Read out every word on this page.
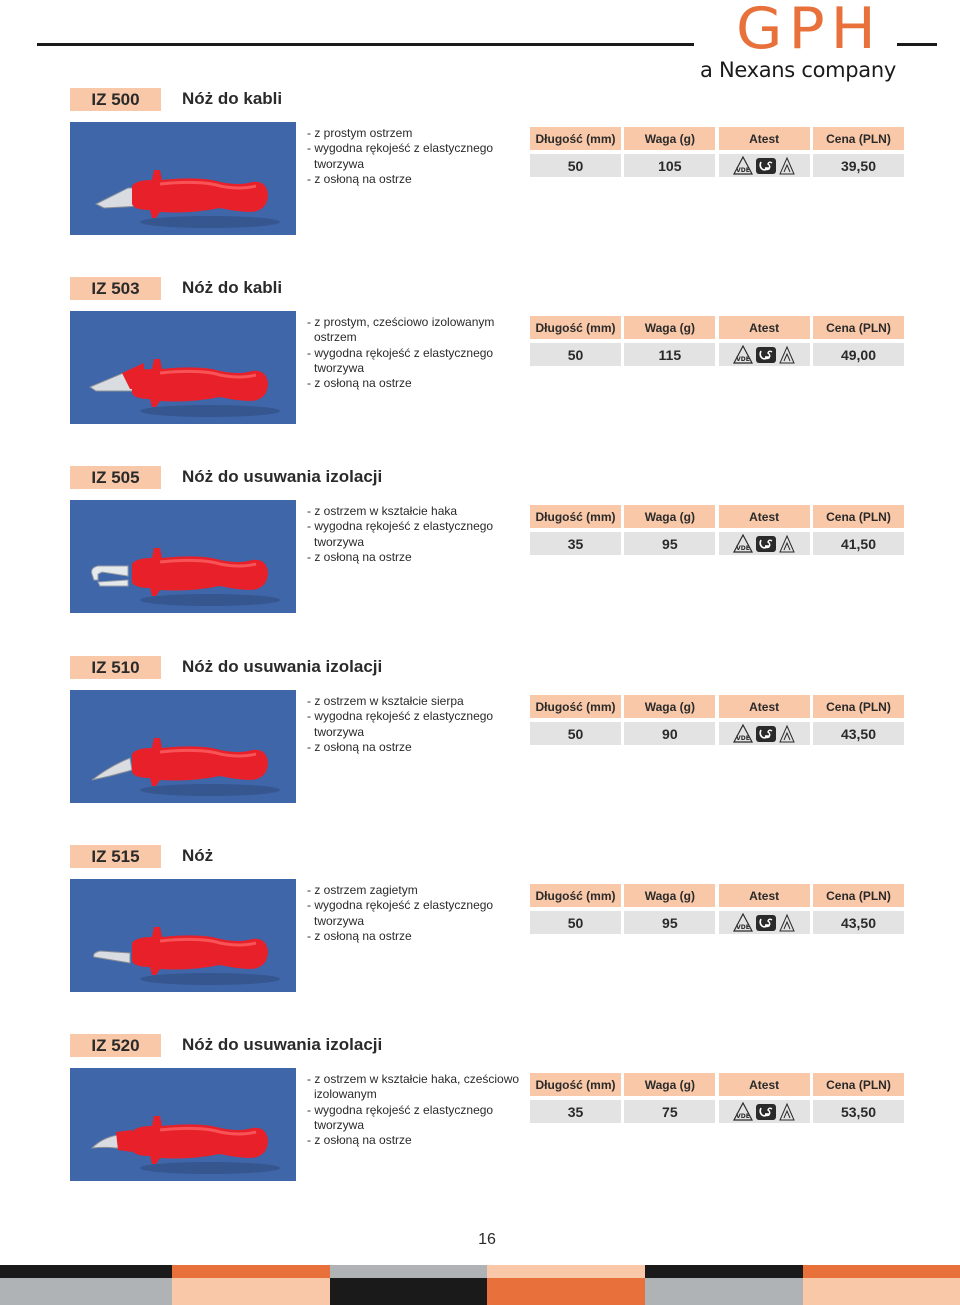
GPH
a Nexans company
IZ 500	Nóż do kabli
- z prostym ostrzem
- wygodna rękojeść z elastycznego tworzywa
- z osłoną na ostrze
Długość (mm)	Waga (g)	Atest	Cena (PLN)
50	105	VDE	39,50
IZ 503	Nóż do kabli
- z prostym, cześciowo izolowanym ostrzem
- wygodna rękojeść z elastycznego tworzywa
- z osłoną na ostrze
Długość (mm)	Waga (g)	Atest	Cena (PLN)
50	115	VDE	49,00
IZ 505	Nóż do usuwania izolacji
- z ostrzem w kształcie haka
- wygodna rękojeść z elastycznego tworzywa
- z osłoną na ostrze
Długość (mm)	Waga (g)	Atest	Cena (PLN)
35	95	VDE	41,50
IZ 510	Nóż do usuwania izolacji
- z ostrzem w kształcie sierpa
- wygodna rękojeść z elastycznego tworzywa
- z osłoną na ostrze
Długość (mm)	Waga (g)	Atest	Cena (PLN)
50	90	VDE	43,50
IZ 515	Nóż
- z ostrzem zagietym
- wygodna rękojeść z elastycznego tworzywa
- z osłoną na ostrze
Długość (mm)	Waga (g)	Atest	Cena (PLN)
50	95	VDE	43,50
IZ 520	Nóż do usuwania izolacji
- z ostrzem w kształcie haka, cześciowo izolowanym
- wygodna rękojeść z elastycznego tworzywa
- z osłoną na ostrze
Długość (mm)	Waga (g)	Atest	Cena (PLN)
35	75	VDE	53,50
16
